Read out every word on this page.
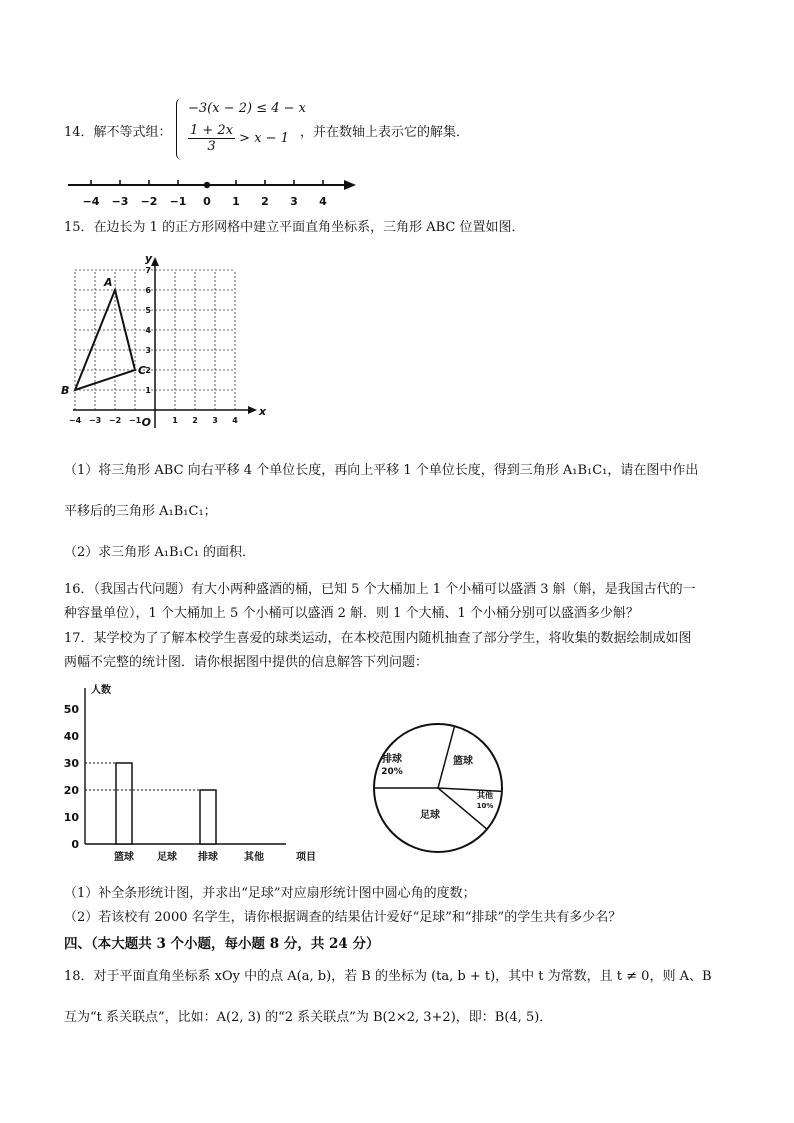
14．解不等式组：
−3(x − 2) ≤ 4 − x
$\frac{1 + 2x}{3} > x - 1$ ，并在数轴上表示它的解集．
−4 −3 −2 −1 0 1 2 3 4
15．在边长为 1 的正方形网格中建立平面直角坐标系，三角形 ABC 位置如图．
−4 −3 −2 −1	1 2 3 4
1
2
3
4
5
6
7
O
x
y
A
B
C
（1）将三角形 ABC 向右平移 4 个单位长度，再向上平移 1 个单位长度，得到三角形 A₁B₁C₁，请在图中作出
平移后的三角形 A₁B₁C₁；
（2）求三角形 A₁B₁C₁ 的面积．
16．（我国古代问题）有大小两种盛酒的桶，已知 5 个大桶加上 1 个小桶可以盛酒 3 斛（斛，是我国古代的一
种容量单位），1 个大桶加上 5 个小桶可以盛酒 2 斛．则 1 个大桶、1 个小桶分别可以盛酒多少斛？
17．某学校为了了解本校学生喜爱的球类运动，在本校范围内随机抽查了部分学生，将收集的数据绘制成如图
两幅不完整的统计图．请你根据图中提供的信息解答下列问题：
人数
项目
0
10
20
30
40
50
篮球 足球 排球	其他
排球
20%
篮球
其他
10%
足球
（1）补全条形统计图，并求出“足球”对应扇形统计图中圆心角的度数；
（2）若该校有 2000 名学生，请你根据调查的结果估计爱好“足球”和“排球”的学生共有多少名？
四、（本大题共 3 个小题，每小题 8 分，共 24 分）
18．对于平面直角坐标系 xOy 中的点 A(a, b)，若 B 的坐标为 (ta, b + t)，其中 t 为常数，且 t ≠ 0，则 A、B
互为“t 系关联点”，比如：A(2, 3) 的“2 系关联点”为 B(2×2, 3+2)，即：B(4, 5)．
